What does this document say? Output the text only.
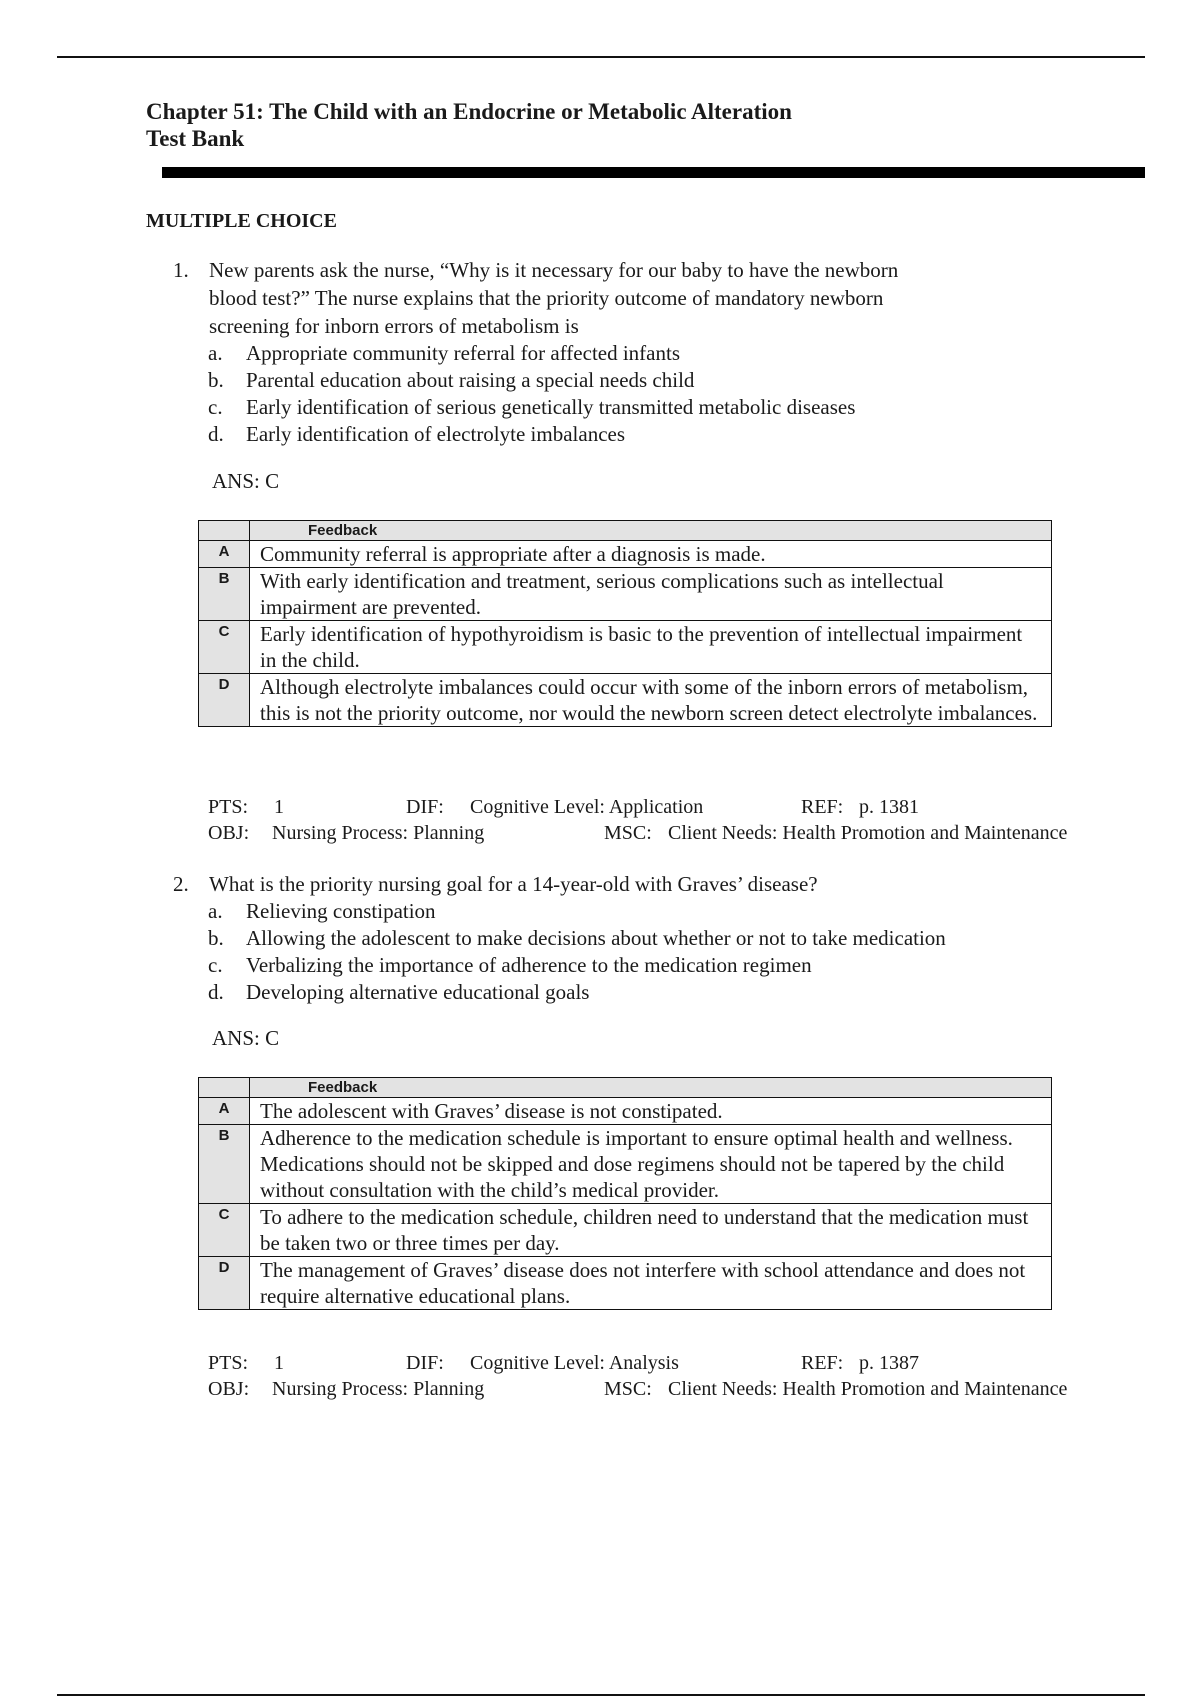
Chapter 51: The Child with an Endocrine or Metabolic Alteration
Test Bank
MULTIPLE CHOICE
1. New parents ask the nurse, “Why is it necessary for our baby to have the newborn
blood test?” The nurse explains that the priority outcome of mandatory newborn
screening for inborn errors of metabolism is
a. Appropriate community referral for affected infants
b. Parental education about raising a special needs child
c. Early identification of serious genetically transmitted metabolic diseases
d. Early identification of electrolyte imbalances
ANS: C
	Feedback
A	Community referral is appropriate after a diagnosis is made.
B	With early identification and treatment, serious complications such as intellectual impairment are prevented.
C	Early identification of hypothyroidism is basic to the prevention of intellectual impairment in the child.
D	Although electrolyte imbalances could occur with some of the inborn errors of metabolism, this is not the priority outcome, nor would the newborn screen detect electrolyte imbalances.
PTS: 1	DIF: Cognitive Level: Application	REF: p. 1381
OBJ: Nursing Process: Planning	MSC: Client Needs: Health Promotion and Maintenance
2. What is the priority nursing goal for a 14-year-old with Graves’ disease?
a. Relieving constipation
b. Allowing the adolescent to make decisions about whether or not to take medication
c. Verbalizing the importance of adherence to the medication regimen
d. Developing alternative educational goals
ANS: C
	Feedback
A	The adolescent with Graves’ disease is not constipated.
B	Adherence to the medication schedule is important to ensure optimal health and wellness. Medications should not be skipped and dose regimens should not be tapered by the child without consultation with the child’s medical provider.
C	To adhere to the medication schedule, children need to understand that the medication must be taken two or three times per day.
D	The management of Graves’ disease does not interfere with school attendance and does not require alternative educational plans.
PTS: 1	DIF: Cognitive Level: Analysis	REF: p. 1387
OBJ: Nursing Process: Planning	MSC: Client Needs: Health Promotion and Maintenance
